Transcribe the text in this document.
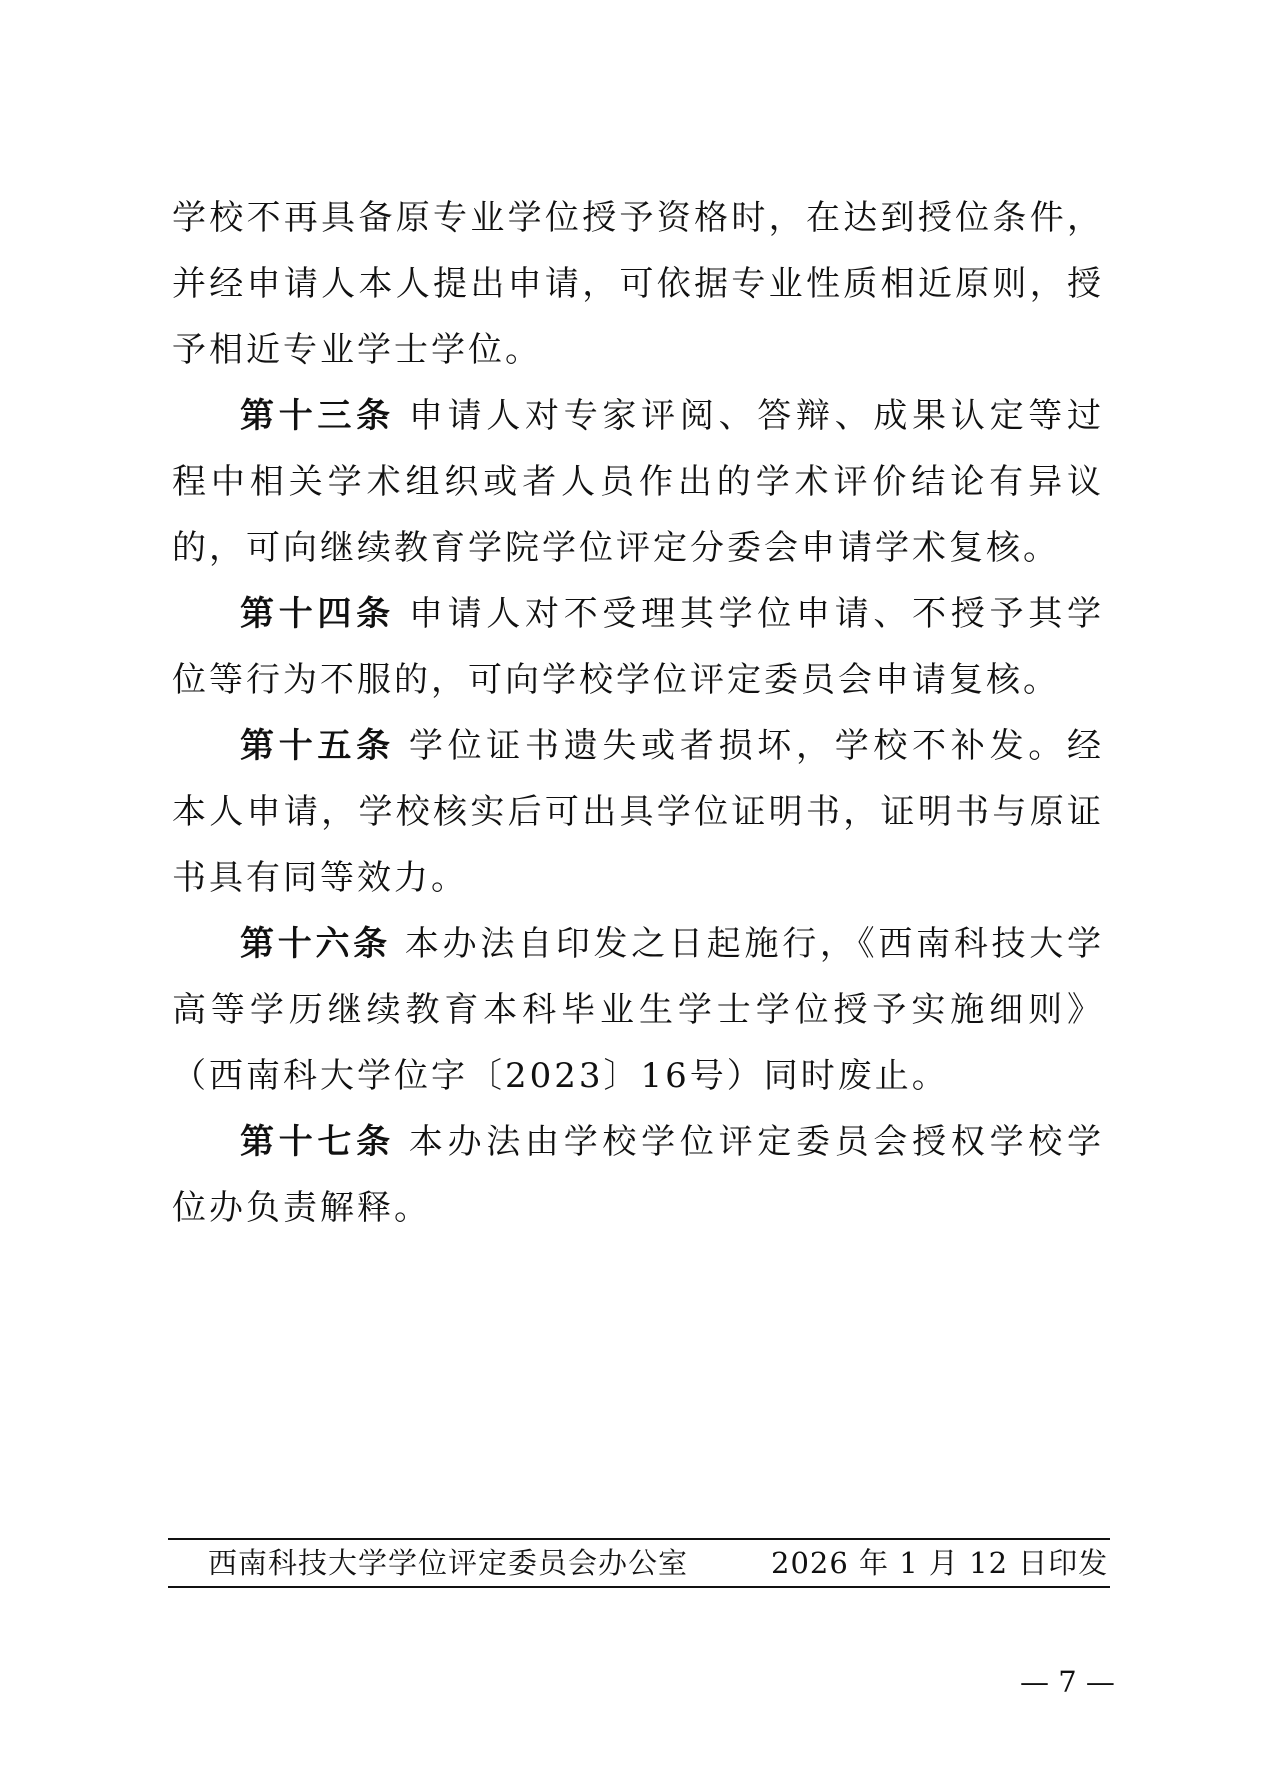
学校不再具备原专业学位授予资格时，在达到授位条件，并经申请人本人提出申请，可依据专业性质相近原则，授予相近专业学士学位。

第十三条 申请人对专家评阅、答辩、成果认定等过程中相关学术组织或者人员作出的学术评价结论有异议的，可向继续教育学院学位评定分委会申请学术复核。

第十四条 申请人对不受理其学位申请、不授予其学位等行为不服的，可向学校学位评定委员会申请复核。

第十五条 学位证书遗失或者损坏，学校不补发。经本人申请，学校核实后可出具学位证明书，证明书与原证书具有同等效力。

第十六条 本办法自印发之日起施行，《西南科技大学高等学历继续教育本科毕业生学士学位授予实施细则》（西南科大学位字〔2023〕16号）同时废止。

第十七条 本办法由学校学位评定委员会授权学校学位办负责解释。

西南科技大学学位评定委员会办公室	2026 年 1 月 12 日印发
— 7 —
